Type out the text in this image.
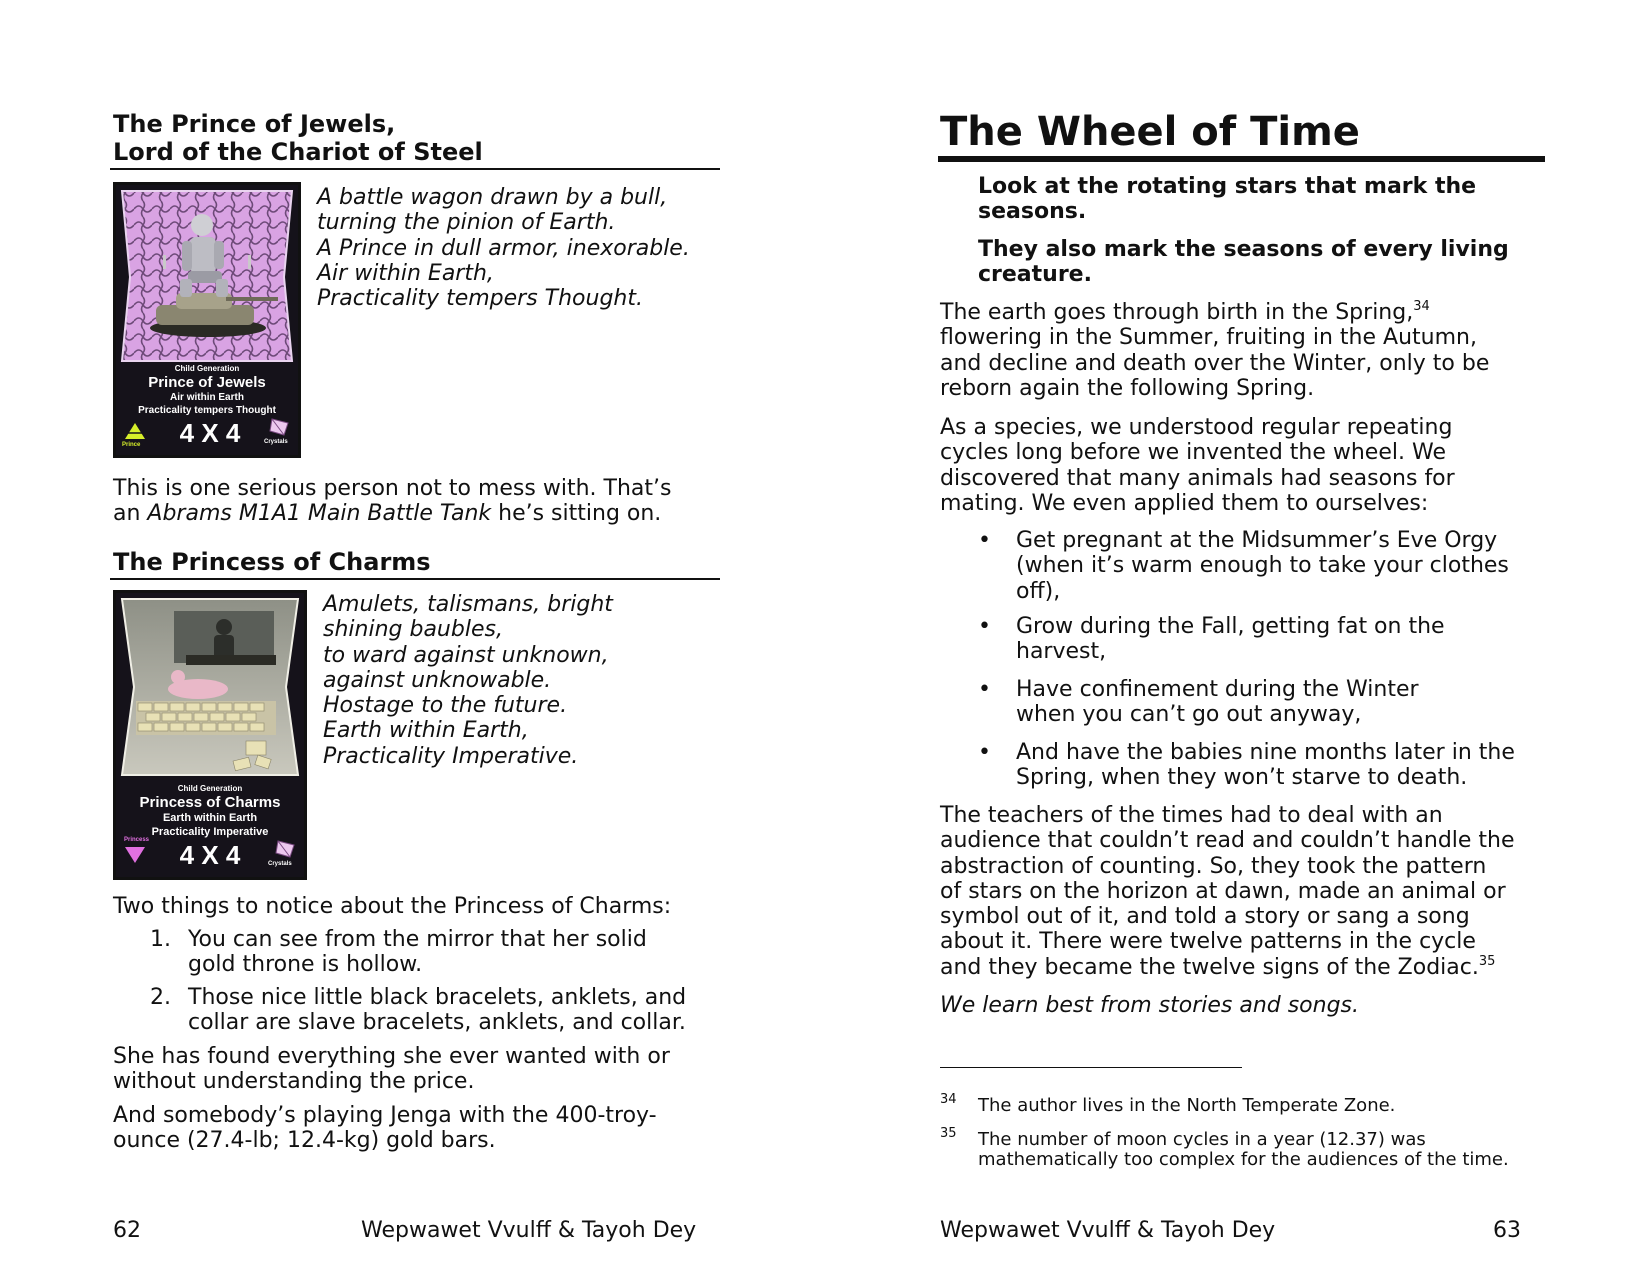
The Prince of Jewels,
Lord of the Chariot of Steel
Child Generation
Prince of Jewels
Air within Earth
Practicality tempers Thought
4 X 4
Prince	Crystals
A battle wagon drawn by a bull,
turning the pinion of Earth.
A Prince in dull armor, inexorable.
Air within Earth,
Practicality tempers Thought.
This is one serious person not to mess with. That’s
an Abrams M1A1 Main Battle Tank he’s sitting on.
The Princess of Charms
Child Generation
Princess of Charms
Earth within Earth
Practicality Imperative
4 X 4
Princess
Crystals
Amulets, talismans, bright
shining baubles,
to ward against unknown,
against unknowable.
Hostage to the future.
Earth within Earth,
Practicality Imperative.
Two things to notice about the Princess of Charms:
1. You can see from the mirror that her solid
gold throne is hollow.
2. Those nice little black bracelets, anklets, and
collar are slave bracelets, anklets, and collar.
She has found everything she ever wanted with or
without understanding the price.
And somebody’s playing Jenga with the 400-troy-
ounce (27.4-lb; 12.4-kg) gold bars.
62	Wepwawet Vvulff & Tayoh Dey
The Wheel of Time
Look at the rotating stars that mark the
seasons.
They also mark the seasons of every living
creature.
The earth goes through birth in the Spring,$^{34}$
flowering in the Summer, fruiting in the Autumn,
and decline and death over the Winter, only to be
reborn again the following Spring.
As a species, we understood regular repeating
cycles long before we invented the wheel. We
discovered that many animals had seasons for
mating. We even applied them to ourselves:
• Get pregnant at the Midsummer’s Eve Orgy
(when it’s warm enough to take your clothes
off),
• Grow during the Fall, getting fat on the
harvest,
• Have confinement during the Winter
when you can’t go out anyway,
• And have the babies nine months later in the
Spring, when they won’t starve to death.
The teachers of the times had to deal with an
audience that couldn’t read and couldn’t handle the
abstraction of counting. So, they took the pattern
of stars on the horizon at dawn, made an animal or
symbol out of it, and told a story or sang a song
about it. There were twelve patterns in the cycle
and they became the twelve signs of the Zodiac.$^{35}$
We learn best from stories and songs.
34 The author lives in the North Temperate Zone.
35 The number of moon cycles in a year (12.37) was
mathematically too complex for the audiences of the time.
Wepwawet Vvulff & Tayoh Dey	63
